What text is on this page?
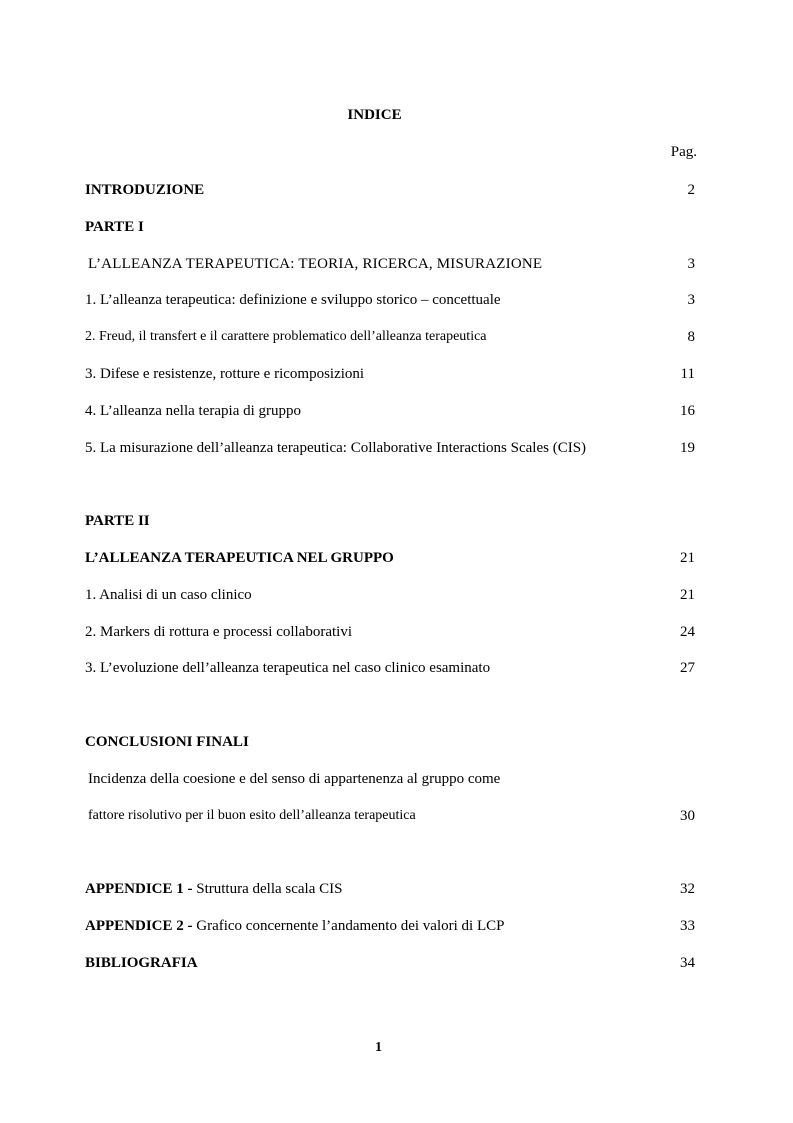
INDICE
Pag.
INTRODUZIONE	2
PARTE I
L’ALLEANZA TERAPEUTICA: TEORIA, RICERCA, MISURAZIONE	3
1. L’alleanza terapeutica: definizione e sviluppo storico – concettuale	3
2. Freud, il transfert e il carattere problematico dell’alleanza terapeutica	8
3. Difese e resistenze, rotture e ricomposizioni	11
4. L’alleanza nella terapia di gruppo	16
5. La misurazione dell’alleanza terapeutica: Collaborative Interactions Scales (CIS)	19
PARTE II
L’ALLEANZA TERAPEUTICA NEL GRUPPO	21
1. Analisi di un caso clinico	21
2. Markers di rottura e processi collaborativi	24
3. L’evoluzione dell’alleanza terapeutica nel caso clinico esaminato	27
CONCLUSIONI FINALI
Incidenza della coesione e del senso di appartenenza al gruppo come
fattore risolutivo per il buon esito dell’alleanza terapeutica	30
APPENDICE 1 - Struttura della scala CIS	32
APPENDICE 2 - Grafico concernente l’andamento dei valori di LCP	33
BIBLIOGRAFIA	34
1
